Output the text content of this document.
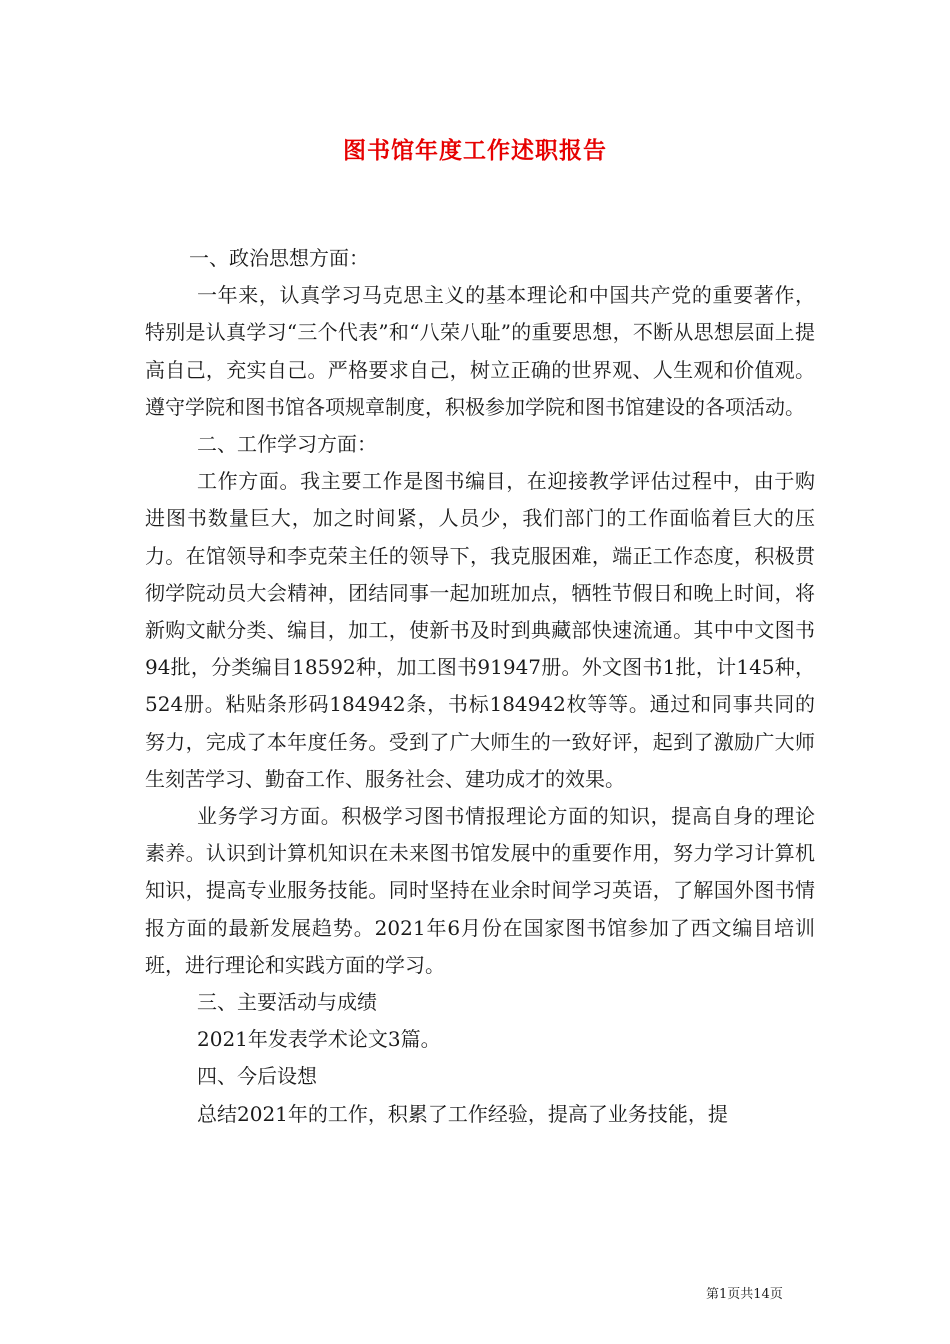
图书馆年度工作述职报告

一、政治思想方面：

一年来，认真学习马克思主义的基本理论和中国共产党的重要著作，特别是认真学习“三个代表”和“八荣八耻”的重要思想，不断从思想层面上提高自己，充实自己。严格要求自己，树立正确的世界观、人生观和价值观。遵守学院和图书馆各项规章制度，积极参加学院和图书馆建设的各项活动。

二、工作学习方面：

工作方面。我主要工作是图书编目，在迎接教学评估过程中，由于购进图书数量巨大，加之时间紧，人员少，我们部门的工作面临着巨大的压力。在馆领导和李克荣主任的领导下，我克服困难，端正工作态度，积极贯彻学院动员大会精神，团结同事一起加班加点，牺牲节假日和晚上时间，将新购文献分类、编目，加工，使新书及时到典藏部快速流通。其中中文图书94批，分类编目18592种，加工图书91947册。外文图书1批，计145种，524册。粘贴条形码184942条，书标184942枚等等。通过和同事共同的努力，完成了本年度任务。受到了广大师生的一致好评，起到了激励广大师生刻苦学习、勤奋工作、服务社会、建功成才的效果。

业务学习方面。积极学习图书情报理论方面的知识，提高自身的理论素养。认识到计算机知识在未来图书馆发展中的重要作用，努力学习计算机知识，提高专业服务技能。同时坚持在业余时间学习英语，了解国外图书情报方面的最新发展趋势。2021年6月份在国家图书馆参加了西文编目培训班，进行理论和实践方面的学习。

三、主要活动与成绩

2021年发表学术论文3篇。

四、今后设想

总结2021年的工作，积累了工作经验，提高了业务技能，提

第1页共14页
